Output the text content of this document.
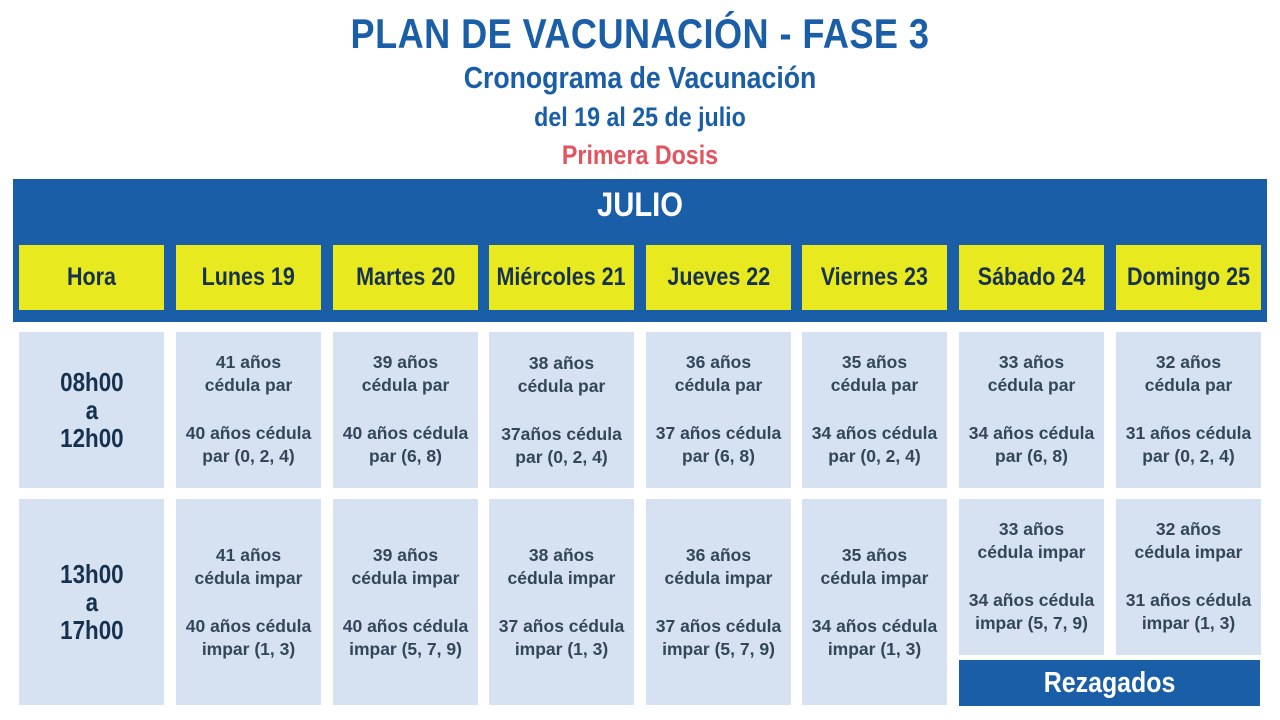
PLAN DE VACUNACIÓN - FASE 3
Cronograma de Vacunación
del 19 al 25 de julio
Primera Dosis
JULIO
Hora	Lunes 19 Martes 20 Miércoles 21 Jueves 22 Viernes 23 Sábado 24 Domingo 25
08h00
a
12h00
41 años
cédula par
40 años cédula
par (0, 2, 4)
39 años
cédula par
40 años cédula
par (6, 8)
38 años
cédula par
37años cédula
par (0, 2, 4)
36 años
cédula par
37 años cédula
par (6, 8)
35 años
cédula par
34 años cédula
par (0, 2, 4)
33 años
cédula par
34 años cédula
par (6, 8)
32 años
cédula par
31 años cédula
par (0, 2, 4)
13h00
a
17h00
41 años
cédula impar
40 años cédula
impar (1, 3)
39 años
cédula impar
40 años cédula
impar (5, 7, 9)
38 años
cédula impar
37 años cédula
impar (1, 3)
36 años
cédula impar
37 años cédula
impar (5, 7, 9)
35 años
cédula impar
34 años cédula
impar (1, 3)
33 años
cédula impar
34 años cédula
impar (5, 7, 9)
32 años
cédula impar
31 años cédula
impar (1, 3)
Rezagados
